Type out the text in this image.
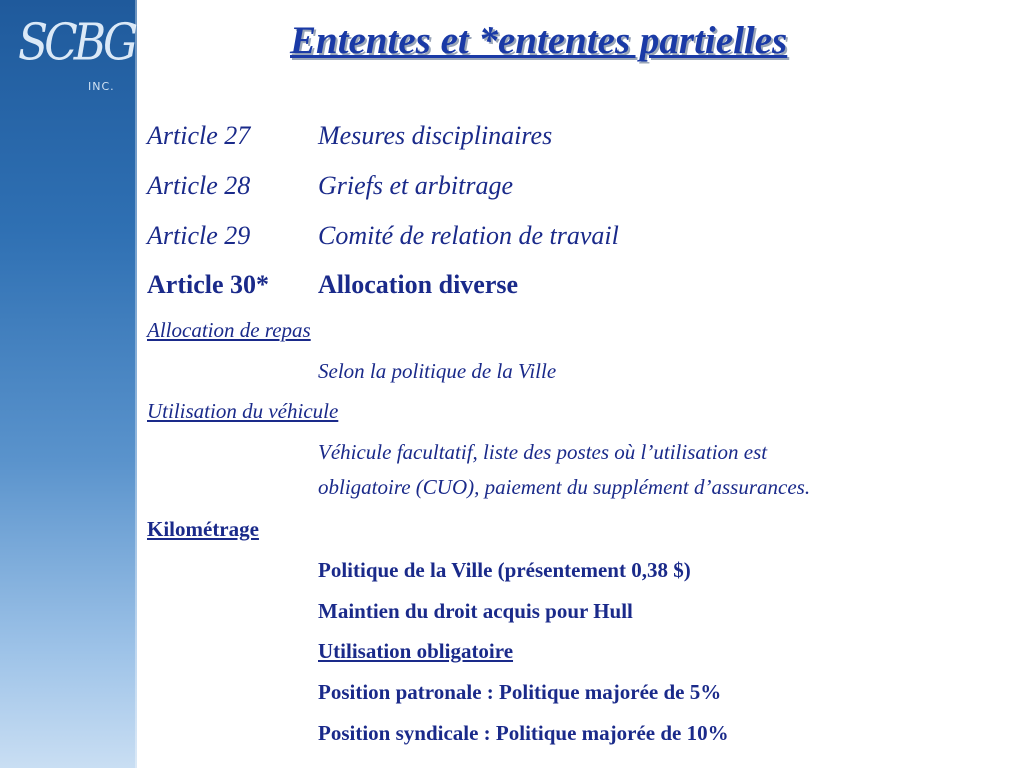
SCBG
INC.
Ententes et *ententes partielles
Article 27	Mesures disciplinaires
Article 28	Griefs et arbitrage
Article 29	Comité de relation de travail
Article 30* Allocation diverse
Allocation de repas
Selon la politique de la Ville
Utilisation du véhicule
Véhicule facultatif, liste des postes où l’utilisation est
obligatoire (CUO), paiement du supplément d’assurances.
Kilométrage
Politique de la Ville (présentement 0,38 $)
Maintien du droit acquis pour Hull
Utilisation obligatoire
Position patronale : Politique majorée de 5%
Position syndicale : Politique majorée de 10%
